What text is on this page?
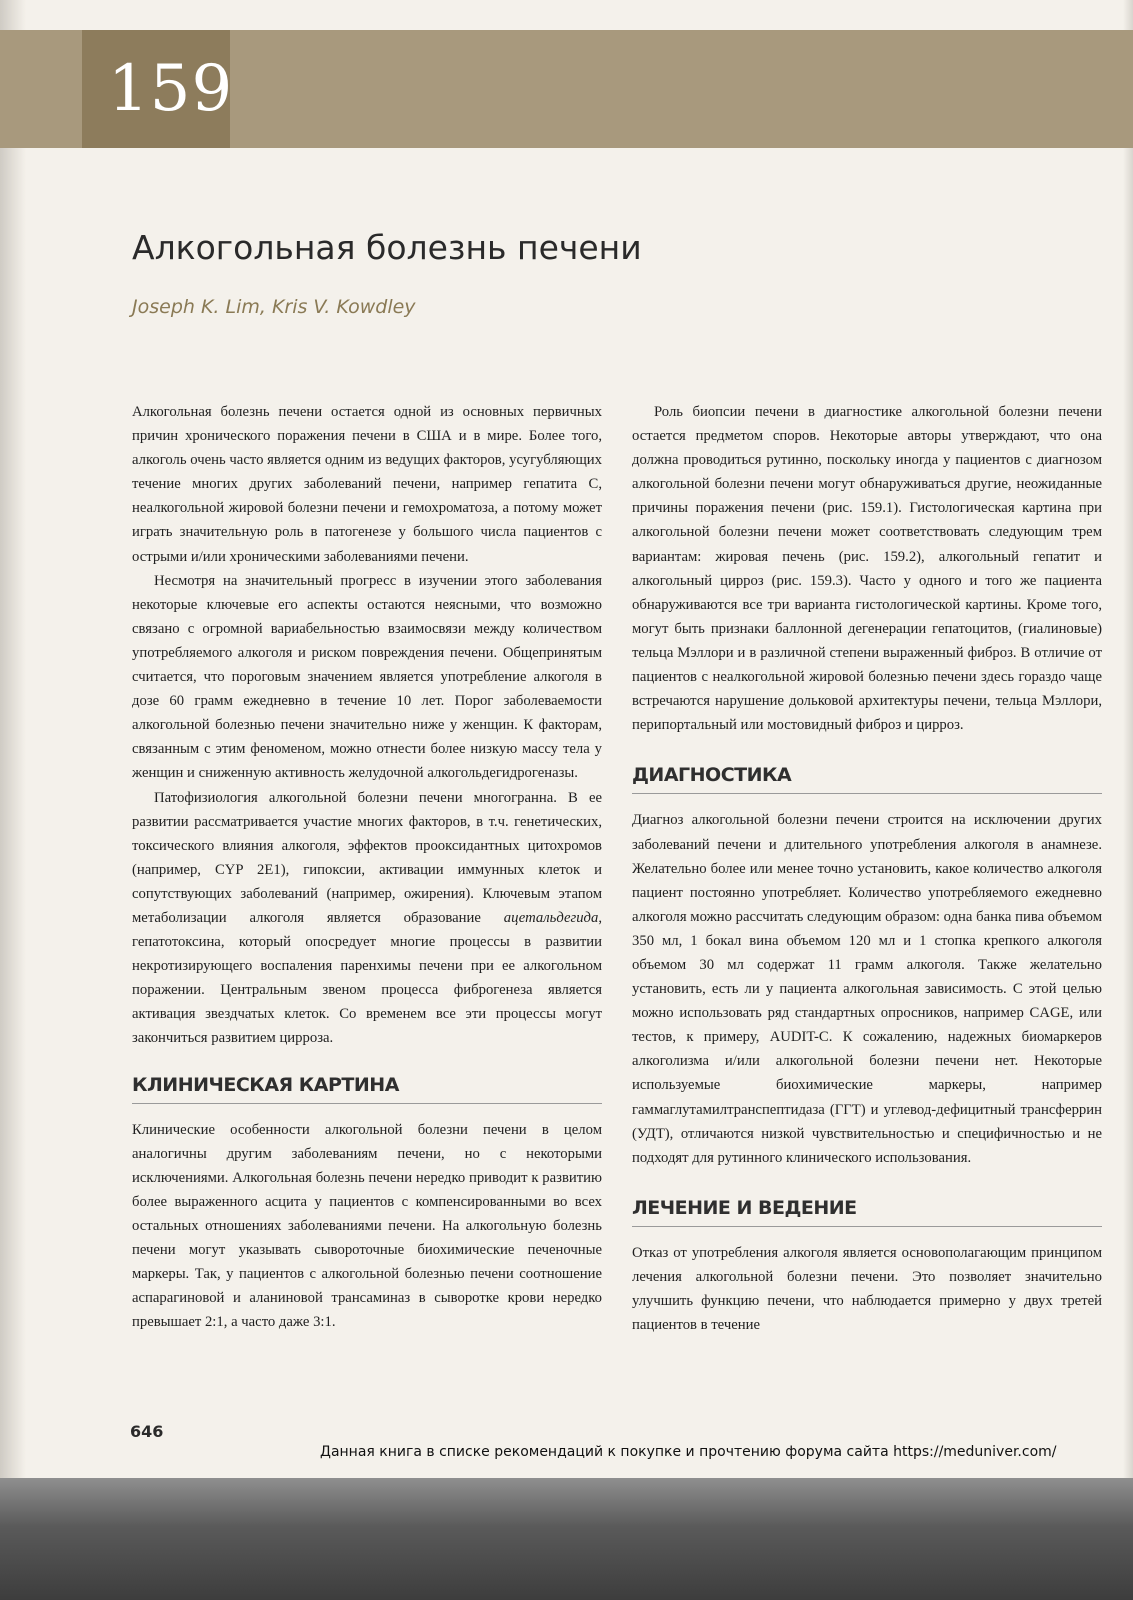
159
Алкогольная болезнь печени

Joseph K. Lim, Kris V. Kowdley

Алкогольная болезнь печени остается одной из основных первичных причин хронического поражения печени в США и в мире. Более того, алкоголь очень часто является одним из ведущих факторов, усугубляющих течение многих других заболеваний печени, например гепатита С, неалкогольной жировой болезни печени и гемохроматоза, а потому может играть значительную роль в патогенезе у большого числа пациентов с острыми и/или хроническими заболеваниями печени.

Несмотря на значительный прогресс в изучении этого заболевания некоторые ключевые его аспекты остаются неясными, что возможно связано с огромной вариабельностью взаимосвязи между количеством употребляемого алкоголя и риском повреждения печени. Общепринятым считается, что пороговым значением является употребление алкоголя в дозе 60 грамм ежедневно в течение 10 лет. Порог заболеваемости алкогольной болезнью печени значительно ниже у женщин. К факторам, связанным с этим феноменом, можно отнести более низкую массу тела у женщин и сниженную активность желудочной алкогольдегидрогеназы.

Патофизиология алкогольной болезни печени многогранна. В ее развитии рассматривается участие многих факторов, в т.ч. генетических, токсического влияния алкоголя, эффектов прооксидантных цитохромов (например, CYP 2E1), гипоксии, активации иммунных клеток и сопутствующих заболеваний (например, ожирения). Ключевым этапом метаболизации алкоголя является образование ацетальдегида, гепатотоксина, который опосредует многие процессы в развитии некротизирующего воспаления паренхимы печени при ее алкогольном поражении. Центральным звеном процесса фиброгенеза является активация звездчатых клеток. Со временем все эти процессы могут закончиться развитием цирроза.

КЛИНИЧЕСКАЯ КАРТИНА

Клинические особенности алкогольной болезни печени в целом аналогичны другим заболеваниям печени, но с некоторыми исключениями. Алкогольная болезнь печени нередко приводит к развитию более выраженного асцита у пациентов с компенсированными во всех остальных отношениях заболеваниями печени. На алкогольную болезнь печени могут указывать сывороточные биохимические печеночные маркеры. Так, у пациентов с алкогольной болезнью печени соотношение аспарагиновой и аланиновой трансаминаз в сыворотке крови нередко превышает 2:1, а часто даже 3:1.

Роль биопсии печени в диагностике алкогольной болезни печени остается предметом споров. Некоторые авторы утверждают, что она должна проводиться рутинно, поскольку иногда у пациентов с диагнозом алкогольной болезни печени могут обнаруживаться другие, неожиданные причины поражения печени (рис. 159.1). Гистологическая картина при алкогольной болезни печени может соответствовать следующим трем вариантам: жировая печень (рис. 159.2), алкогольный гепатит и алкогольный цирроз (рис. 159.3). Часто у одного и того же пациента обнаруживаются все три варианта гистологической картины. Кроме того, могут быть признаки баллонной дегенерации гепатоцитов, (гиалиновые) тельца Мэллори и в различной степени выраженный фиброз. В отличие от пациентов с неалкогольной жировой болезнью печени здесь гораздо чаще встречаются нарушение дольковой архитектуры печени, тельца Мэллори, перипортальный или мостовидный фиброз и цирроз.

ДИАГНОСТИКА

Диагноз алкогольной болезни печени строится на исключении других заболеваний печени и длительного употребления алкоголя в анамнезе. Желательно более или менее точно установить, какое количество алкоголя пациент постоянно употребляет. Количество употребляемого ежедневно алкоголя можно рассчитать следующим образом: одна банка пива объемом 350 мл, 1 бокал вина объемом 120 мл и 1 стопка крепкого алкоголя объемом 30 мл содержат 11 грамм алкоголя. Также желательно установить, есть ли у пациента алкогольная зависимость. С этой целью можно использовать ряд стандартных опросников, например CAGE, или тестов, к примеру, AUDIT-C. К сожалению, надежных биомаркеров алкоголизма и/или алкогольной болезни печени нет. Некоторые используемые биохимические маркеры, например гаммаглутамилтранспептидаза (ГГТ) и углевод-дефицитный трансферрин (УДТ), отличаются низкой чувствительностью и специфичностью и не подходят для рутинного клинического использования.

ЛЕЧЕНИЕ И ВЕДЕНИЕ

Отказ от употребления алкоголя является основополагающим принципом лечения алкогольной болезни печени. Это позволяет значительно улучшить функцию печени, что наблюдается примерно у двух третей пациентов в течение

646
Данная книга в списке рекомендаций к покупке и прочтению форума сайта https://meduniver.com/
